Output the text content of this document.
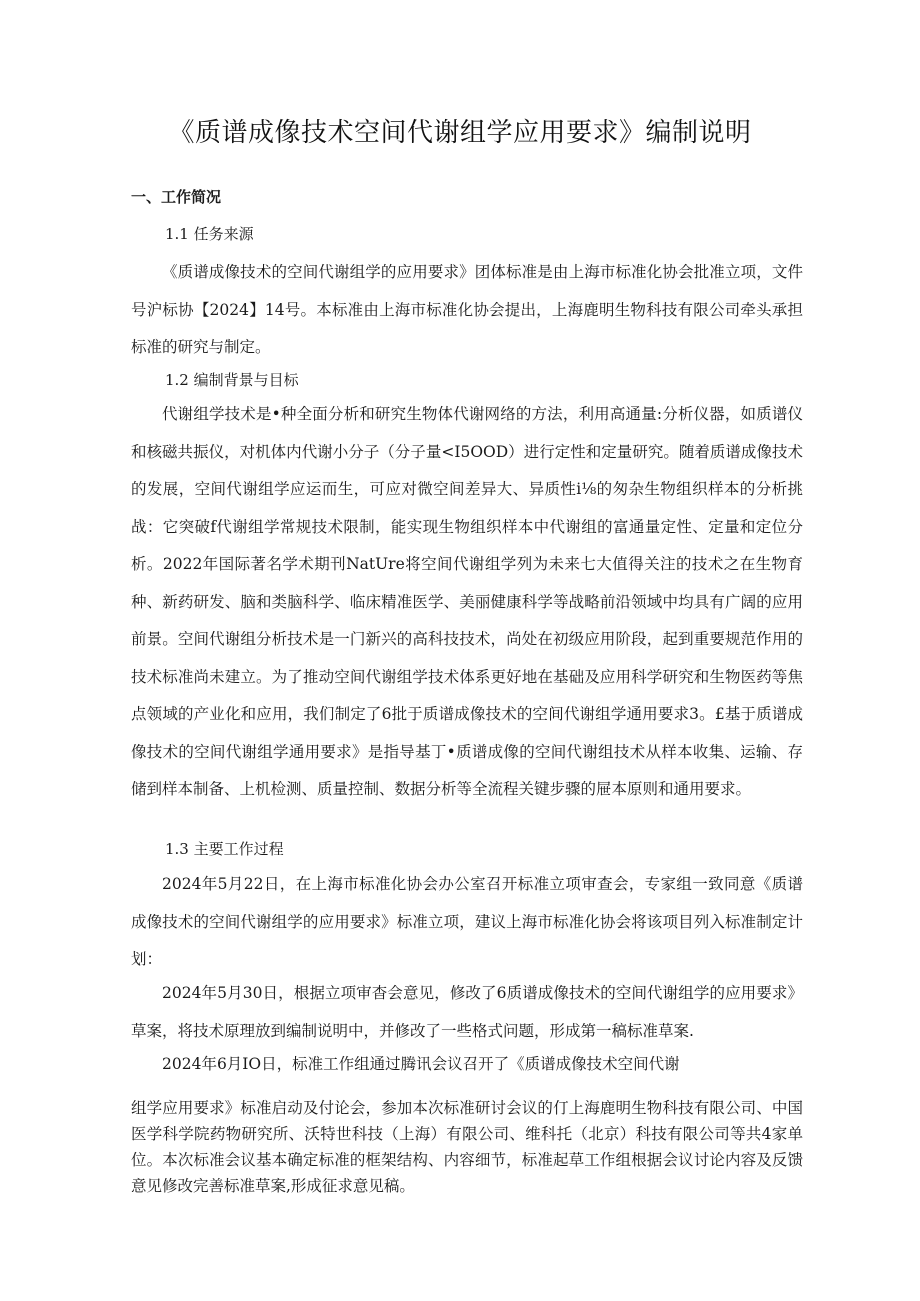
《质谱成像技术空间代谢组学应用要求》编制说明
一、工作简况
1.1 任务来源

《质谱成像技术的空间代谢组学的应用要求》团体标准是由上海市标准化协会批准立项，文件号沪标协【2024】14号。本标准由上海市标准化协会提出，上海鹿明生物科技有限公司牵头承担标准的研究与制定。

1.2 编制背景与目标

代谢组学技术是•种全面分析和研究生物体代谢网络的方法，利用高通量:分析仪器，如质谱仪和核磁共振仪，对机体内代谢小分子（分子量<I5OOD）进行定性和定量研究。随着质谱成像技术的发展，空间代谢组学应运而生，可应对微空间差异大、异质性i⅛的匆杂生物组织样本的分析挑战：它突破f代谢组学常规技术限制，能实现生物组织样本中代谢组的富通量定性、定量和定位分析。2022年国际著名学术期刊NatUre将空间代谢组学列为未来七大值得关注的技术之在生物育种、新药研发、脑和类脑科学、临床精准医学、美丽健康科学等战略前沿领域中均具有广阔的应用前景。空间代谢组分析技术是一门新兴的高科技技术，尚处在初级应用阶段，起到重要规范作用的技术标准尚未建立。为了推动空间代谢组学技术体系更好地在基础及应用科学研究和生物医药等焦点领域的产业化和应用，我们制定了6批于质谱成像技术的空间代谢组学通用要求3。£基于质谱成像技术的空间代谢组学通用要求》是指导基丁•质谱成像的空间代谢组技术从样本收集、运输、存储到样本制备、上机检测、质量控制、数据分析等全流程关键步骤的屉本原则和通用要求。

1.3 主要工作过程

2024年5月22日，在上海市标准化协会办公室召开标准立项审查会，专家组一致同意《质谱成像技术的空间代谢组学的应用要求》标准立项，建议上海市标准化协会将该项目列入标准制定计划：

2024年5月30日，根据立项审杳会意见，修改了6质谱成像技术的空间代谢组学的应用要求》草案，将技术原理放到编制说明中，并修改了一些格式问题，形成第一稿标准草案.

2024年6月IO日，标准工作组通过腾讯会议召开了《质谱成像技术空间代谢

组学应用要求》标准启动及付论会，参加本次标准研讨会议的仃上海鹿明生物科技有限公司、中国医学科学院药物研究所、沃特世科技（上海）有限公司、维科托（北京）科技有限公司等共4家单位。本次标准会议基本确定标准的框架结构、内容细节，标准起草工作组根据会议讨论内容及反馈意见修改完善标准草案,形成征求意见稿。
